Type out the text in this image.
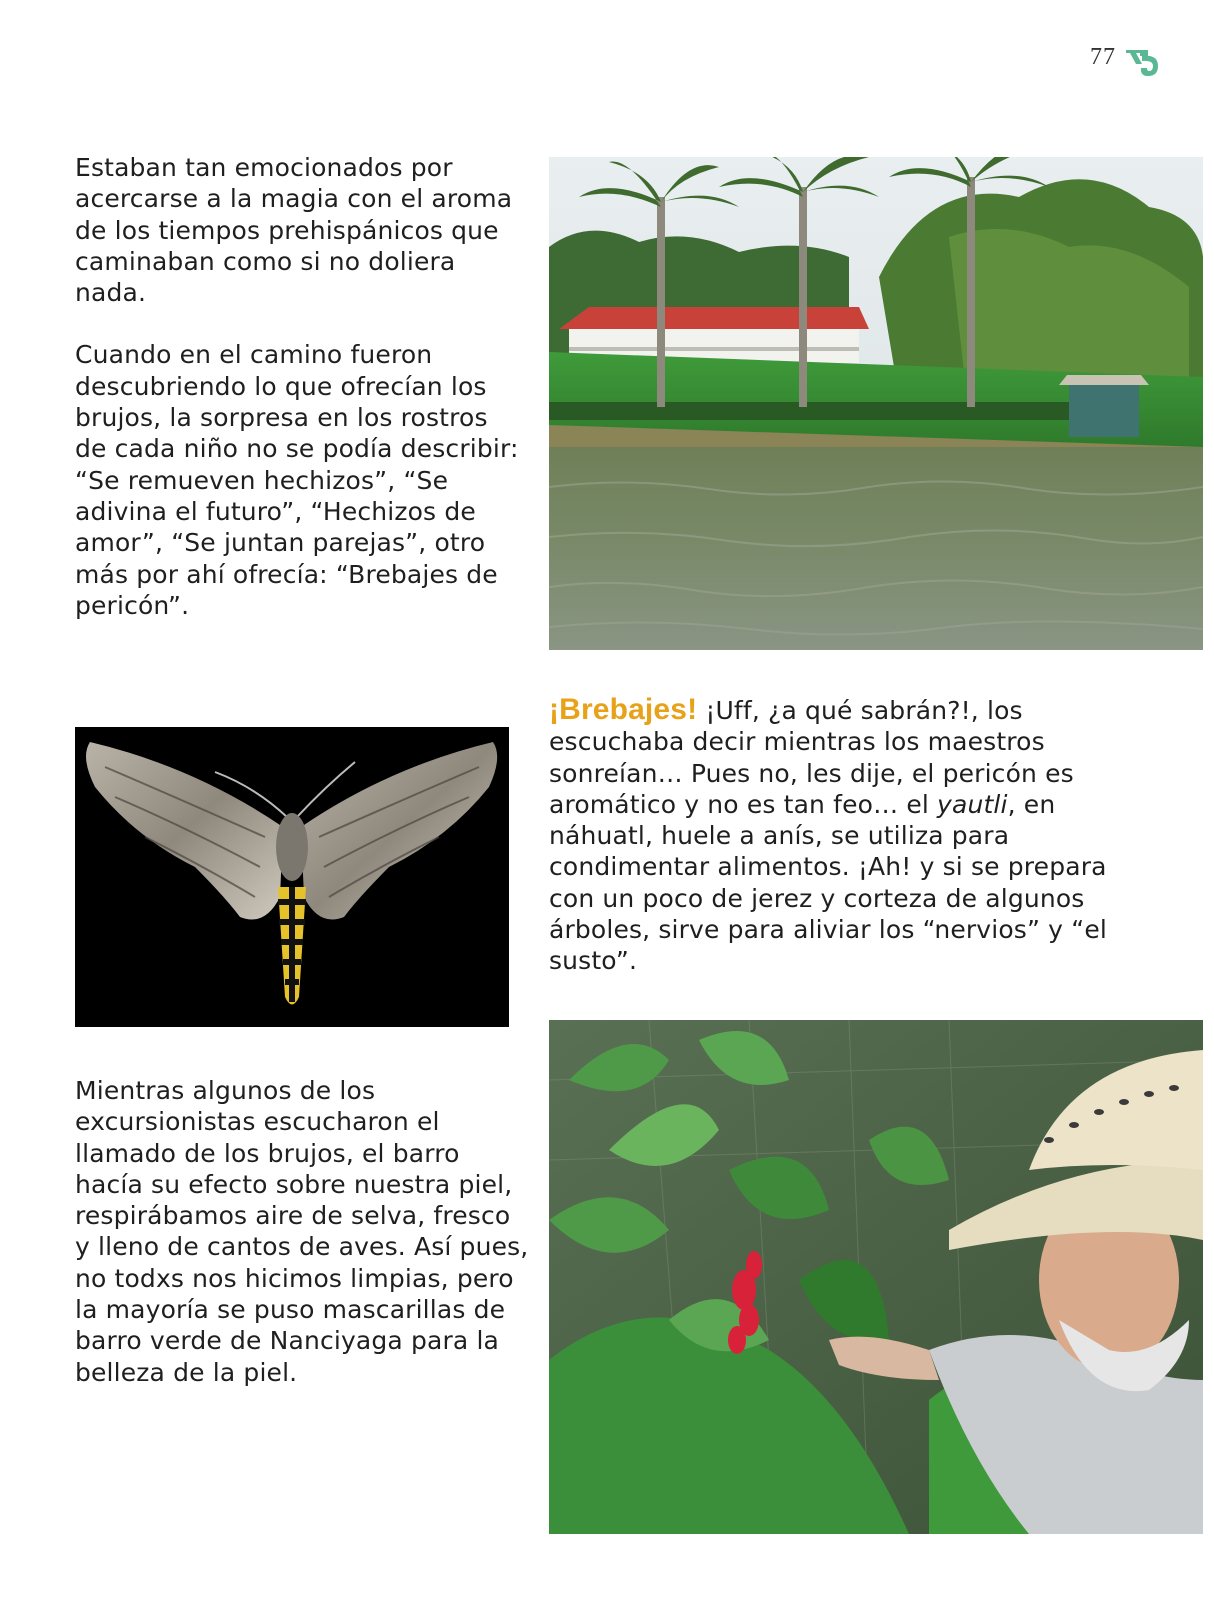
77

Estaban tan emocionados por acercarse a la magia con el aroma de los tiempos prehispánicos que caminaban como si no doliera nada.

Cuando en el camino fueron descubriendo lo que ofrecían los brujos, la sorpresa en los rostros de cada niño no se podía describir: “Se remueven hechizos”, “Se adivina el futuro”, “Hechizos de amor”, “Se juntan parejas”, otro más por ahí ofrecía: “Brebajes de pericón”.

¡Brebajes! ¡Uff, ¿a qué sabrán?!, los escuchaba decir mientras los maestros sonreían… Pues no, les dije, el pericón es aromático y no es tan feo… el yautli, en náhuatl, huele a anís, se utiliza para condimentar alimentos. ¡Ah! y si se prepara con un poco de jerez y corteza de algunos árboles, sirve para aliviar los “nervios” y “el susto”.

Mientras algunos de los excursionistas escucharon el llamado de los brujos, el barro hacía su efecto sobre nuestra piel, respirábamos aire de selva, fresco y lleno de cantos de aves. Así pues, no todxs nos hicimos limpias, pero la mayoría se puso mascarillas de barro verde de Nanciyaga para la belleza de la piel.
